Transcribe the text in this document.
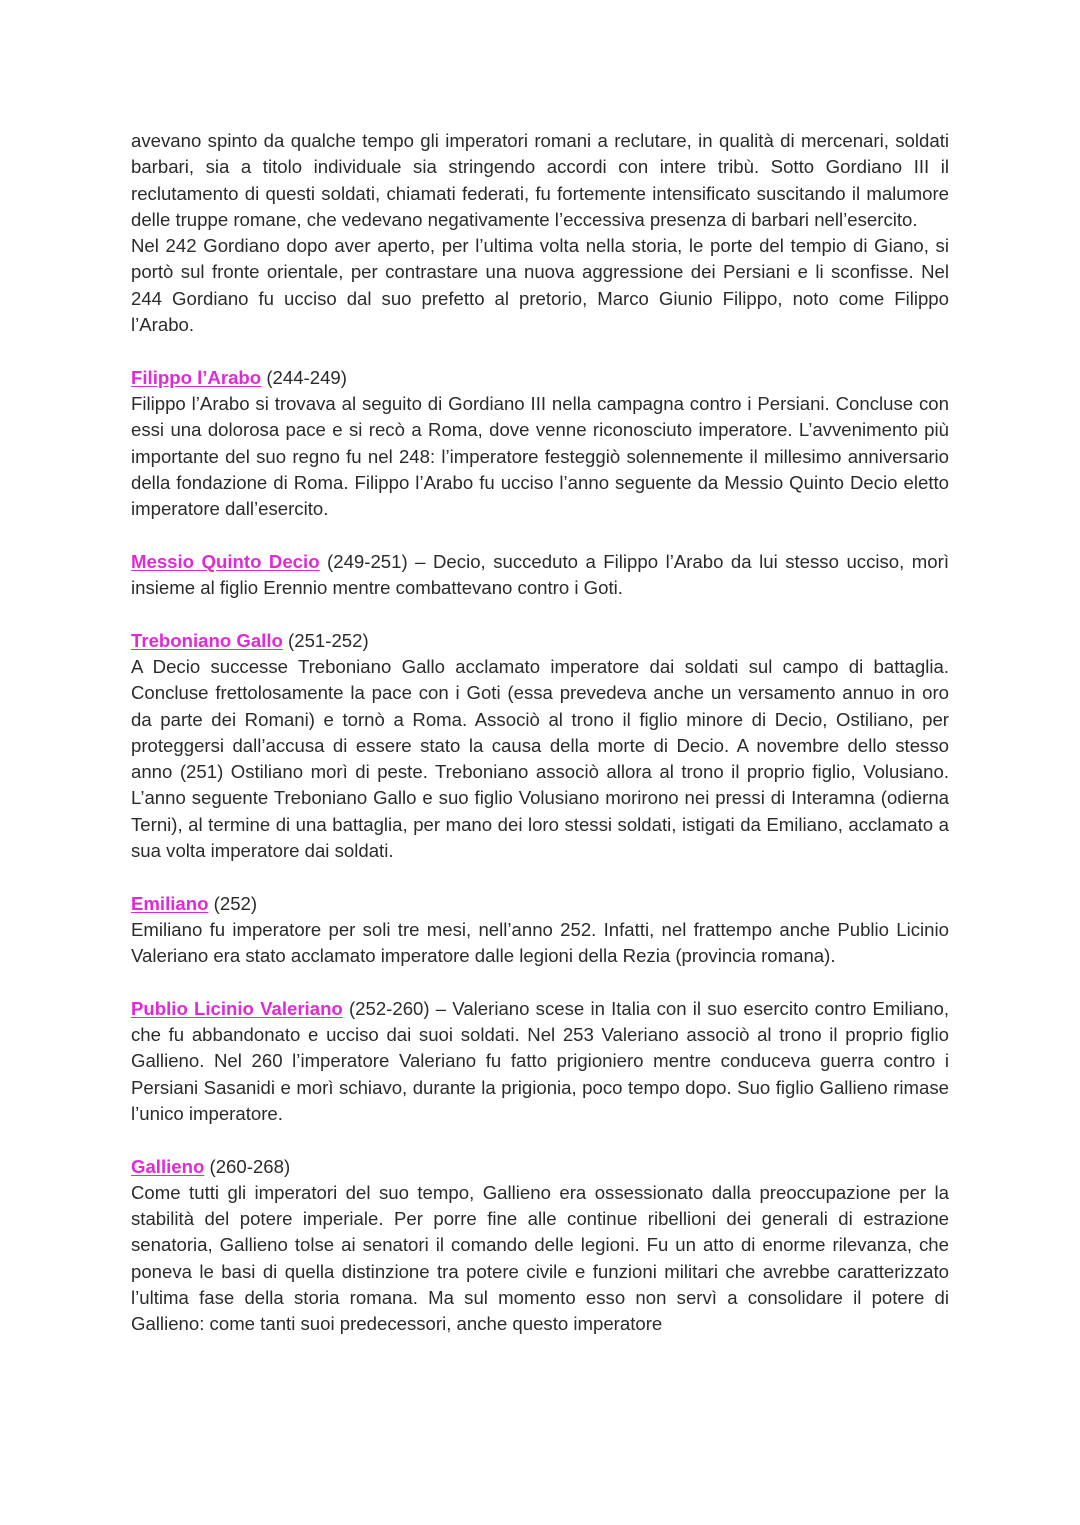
avevano spinto da qualche tempo gli imperatori romani a reclutare, in qualità di mercenari, soldati barbari, sia a titolo individuale sia stringendo accordi con intere tribù. Sotto Gordiano III il reclutamento di questi soldati, chiamati federati, fu fortemente intensificato suscitando il malumore delle truppe romane, che vedevano negativamente l’eccessiva presenza di barbari nell’esercito.

Nel 242 Gordiano dopo aver aperto, per l’ultima volta nella storia, le porte del tempio di Giano, si portò sul fronte orientale, per contrastare una nuova aggressione dei Persiani e li sconfisse. Nel 244 Gordiano fu ucciso dal suo prefetto al pretorio, Marco Giunio Filippo, noto come Filippo l’Arabo.

Filippo l’Arabo (244-249)

Filippo l’Arabo si trovava al seguito di Gordiano III nella campagna contro i Persiani. Concluse con essi una dolorosa pace e si recò a Roma, dove venne riconosciuto imperatore. L’avvenimento più importante del suo regno fu nel 248: l’imperatore festeggiò solennemente il millesimo anniversario della fondazione di Roma. Filippo l’Arabo fu ucciso l’anno seguente da Messio Quinto Decio eletto imperatore dall’esercito.

Messio Quinto Decio (249-251) – Decio, succeduto a Filippo l’Arabo da lui stesso ucciso, morì insieme al figlio Erennio mentre combattevano contro i Goti.

Treboniano Gallo (251-252)

A Decio successe Treboniano Gallo acclamato imperatore dai soldati sul campo di battaglia. Concluse frettolosamente la pace con i Goti (essa prevedeva anche un versamento annuo in oro da parte dei Romani) e tornò a Roma. Associò al trono il figlio minore di Decio, Ostiliano, per proteggersi dall’accusa di essere stato la causa della morte di Decio. A novembre dello stesso anno (251) Ostiliano morì di peste. Treboniano associò allora al trono il proprio figlio, Volusiano. L’anno seguente Treboniano Gallo e suo figlio Volusiano morirono nei pressi di Interamna (odierna Terni), al termine di una battaglia, per mano dei loro stessi soldati, istigati da Emiliano, acclamato a sua volta imperatore dai soldati.

Emiliano (252)

Emiliano fu imperatore per soli tre mesi, nell’anno 252. Infatti, nel frattempo anche Publio Licinio Valeriano era stato acclamato imperatore dalle legioni della Rezia (provincia romana).

Publio Licinio Valeriano (252-260) – Valeriano scese in Italia con il suo esercito contro Emiliano, che fu abbandonato e ucciso dai suoi soldati. Nel 253 Valeriano associò al trono il proprio figlio Gallieno. Nel 260 l’imperatore Valeriano fu fatto prigioniero mentre conduceva guerra contro i Persiani Sasanidi e morì schiavo, durante la prigionia, poco tempo dopo. Suo figlio Gallieno rimase l’unico imperatore.

Gallieno (260-268)

Come tutti gli imperatori del suo tempo, Gallieno era ossessionato dalla preoccupazione per la stabilità del potere imperiale. Per porre fine alle continue ribellioni dei generali di estrazione senatoria, Gallieno tolse ai senatori il comando delle legioni. Fu un atto di enorme rilevanza, che poneva le basi di quella distinzione tra potere civile e funzioni militari che avrebbe caratterizzato l’ultima fase della storia romana. Ma sul momento esso non servì a consolidare il potere di Gallieno: come tanti suoi predecessori, anche questo imperatore
